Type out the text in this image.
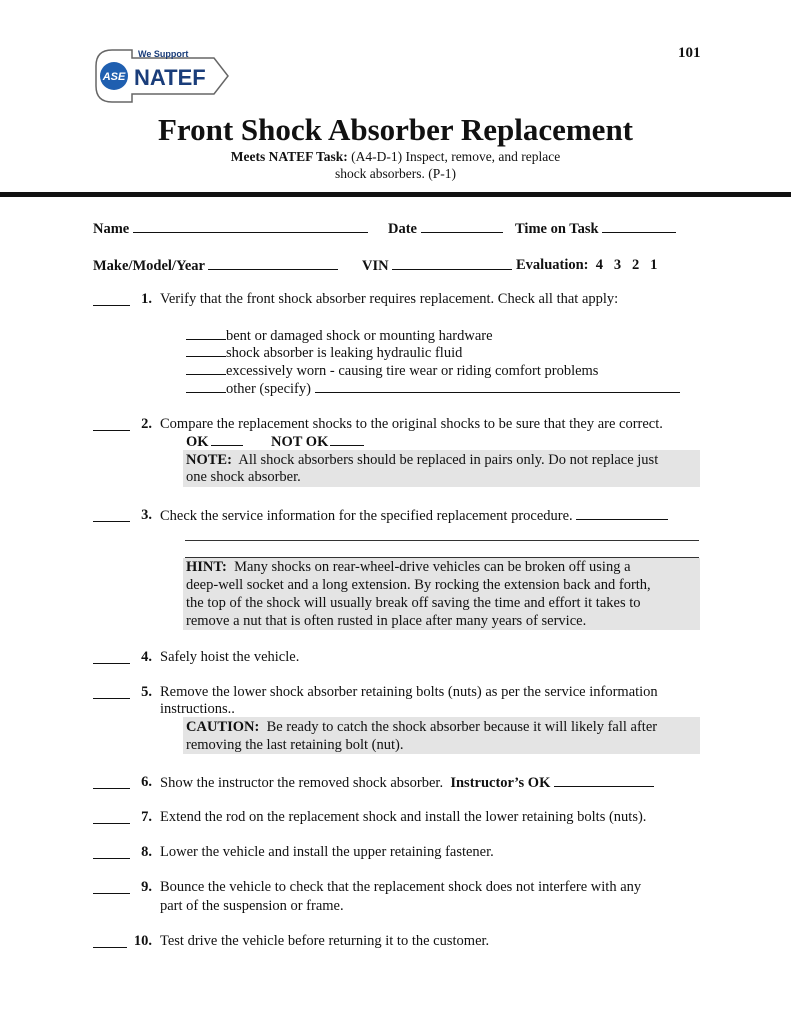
ASE NATEF
We Support	101
Front Shock Absorber Replacement
Meets NATEF Task: (A4-D-1) Inspect, remove, and replace
shock absorbers. (P-1)
Name	Date	Time on Task
Make/Model/Year	VIN	Evaluation: 4 3 2 1
1. Verify that the front shock absorber requires replacement. Check all that apply:
bent or damaged shock or mounting hardware
shock absorber is leaking hydraulic fluid
excessively worn - causing tire wear or riding comfort problems
other (specify)
2. Compare the replacement shocks to the original shocks to be sure that they are correct.
OK	NOT OK
NOTE: All shock absorbers should be replaced in pairs only. Do not replace just
one shock absorber.
3. Check the service information for the specified replacement procedure.
HINT: Many shocks on rear-wheel-drive vehicles can be broken off using a
deep-well socket and a long extension. By rocking the extension back and forth,
the top of the shock will usually break off saving the time and effort it takes to
remove a nut that is often rusted in place after many years of service.
4. Safely hoist the vehicle.
5. Remove the lower shock absorber retaining bolts (nuts) as per the service information
instructions..
CAUTION: Be ready to catch the shock absorber because it will likely fall after
removing the last retaining bolt (nut).
6. Show the instructor the removed shock absorber. Instructor’s OK
7. Extend the rod on the replacement shock and install the lower retaining bolts (nuts).
8. Lower the vehicle and install the upper retaining fastener.
9. Bounce the vehicle to check that the replacement shock does not interfere with any
part of the suspension or frame.
10. Test drive the vehicle before returning it to the customer.
